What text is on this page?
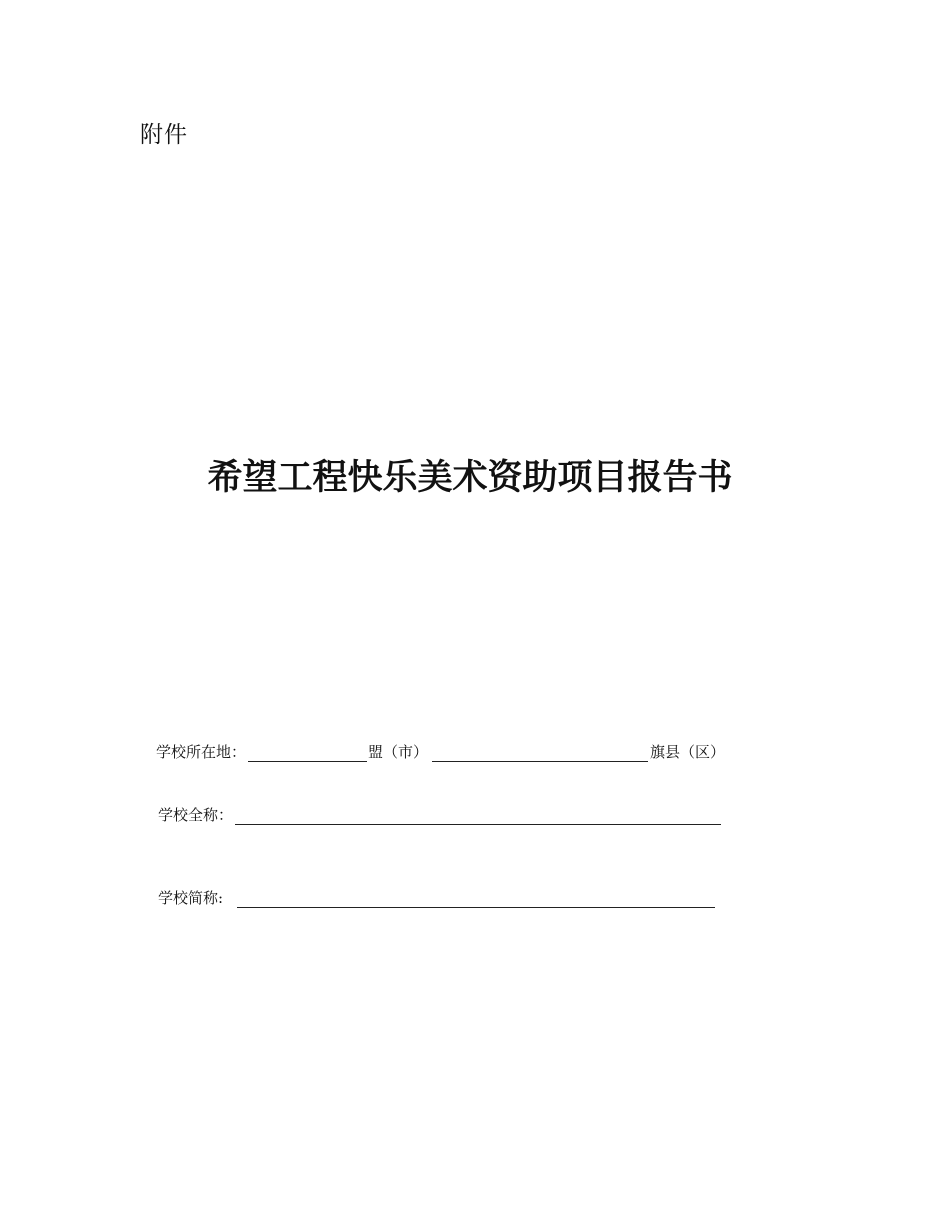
附件
希望工程快乐美术资助项目报告书
学校所在地：	盟（市）	旗县（区）
学校全称：
学校简称:
